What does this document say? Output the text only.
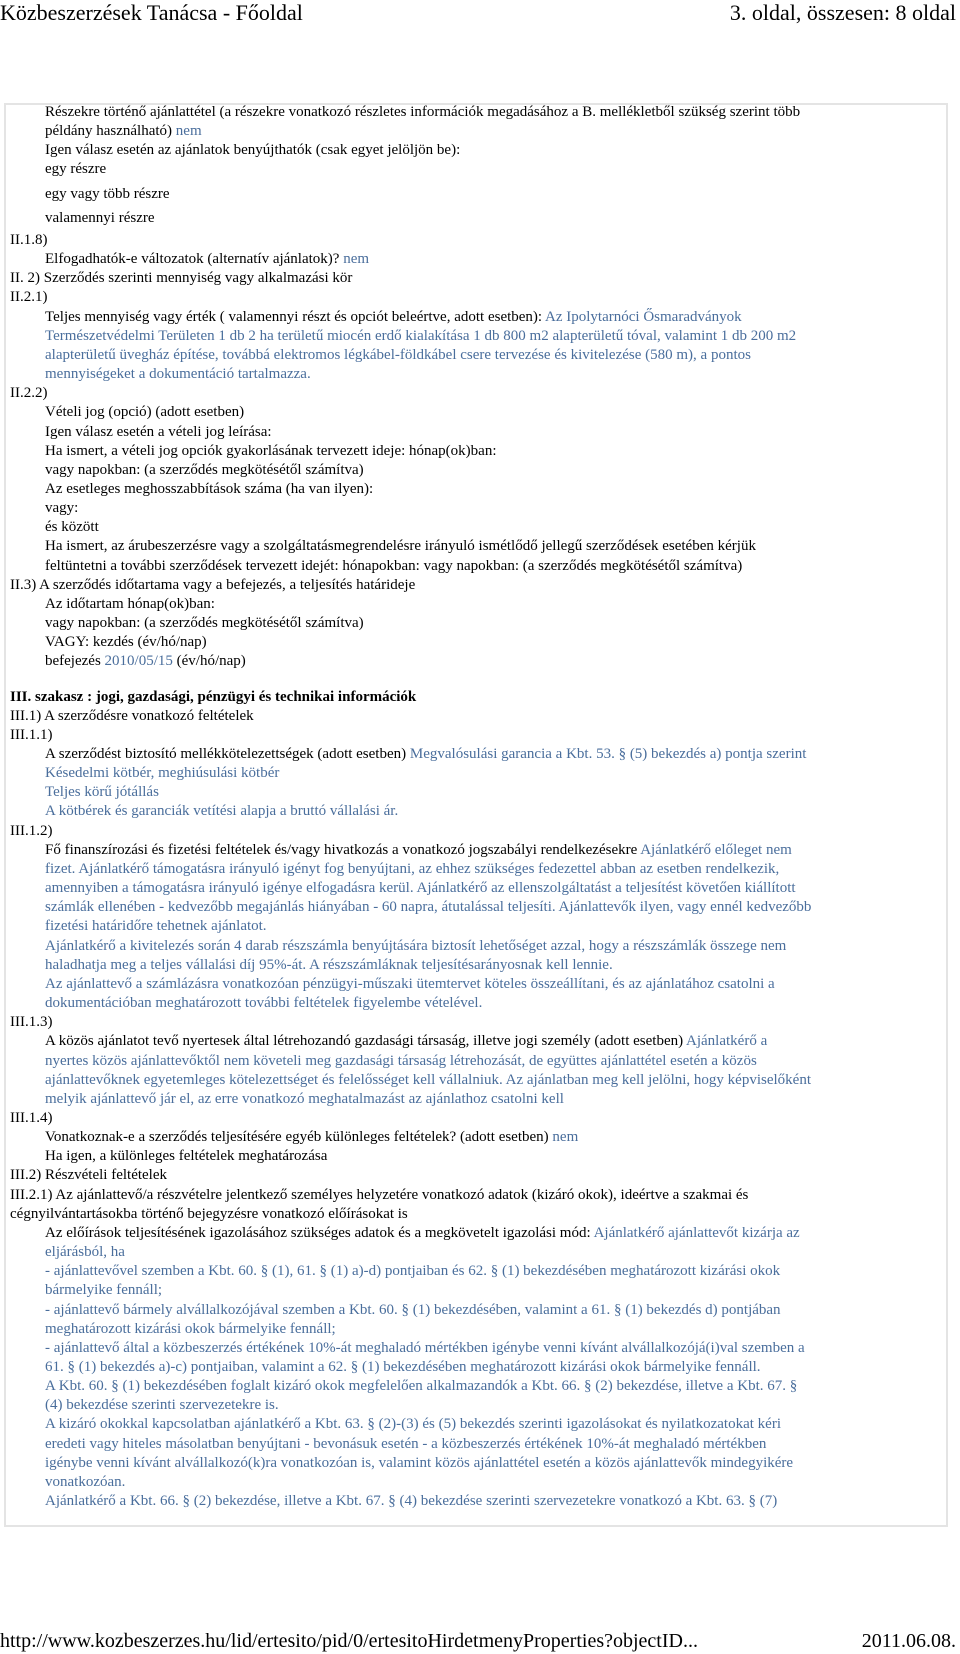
Közbeszerzések Tanácsa - Főoldal	3. oldal, összesen: 8 oldal
Részekre történő ajánlattétel (a részekre vonatkozó részletes információk megadásához a B. mellékletből szükség szerint több
példány használható) nem
Igen válasz esetén az ajánlatok benyújthatók (csak egyet jelöljön be):
egy részre
egy vagy több részre
valamennyi részre
II.1.8)
Elfogadhatók-e változatok (alternatív ajánlatok)? nem
II. 2) Szerződés szerinti mennyiség vagy alkalmazási kör
II.2.1)
Teljes mennyiség vagy érték ( valamennyi részt és opciót beleértve, adott esetben): Az Ipolytarnóci Ősmaradványok
Természetvédelmi Területen 1 db 2 ha területű miocén erdő kialakítása 1 db 800 m2 alapterületű tóval, valamint 1 db 200 m2
alapterületű üvegház építése, továbbá elektromos légkábel-földkábel csere tervezése és kivitelezése (580 m), a pontos
mennyiségeket a dokumentáció tartalmazza.
II.2.2)
Vételi jog (opció) (adott esetben)
Igen válasz esetén a vételi jog leírása:
Ha ismert, a vételi jog opciók gyakorlásának tervezett ideje: hónap(ok)ban:
vagy napokban: (a szerződés megkötésétől számítva)
Az esetleges meghosszabbítások száma (ha van ilyen):
vagy:
és között
Ha ismert, az árubeszerzésre vagy a szolgáltatásmegrendelésre irányuló ismétlődő jellegű szerződések esetében kérjük
feltüntetni a további szerződések tervezett idejét: hónapokban: vagy napokban: (a szerződés megkötésétől számítva)
II.3) A szerződés időtartama vagy a befejezés, a teljesítés határideje
Az időtartam hónap(ok)ban:
vagy napokban: (a szerződés megkötésétől számítva)
VAGY: kezdés (év/hó/nap)
befejezés 2010/05/15 (év/hó/nap)
III. szakasz : jogi, gazdasági, pénzügyi és technikai információk
III.1) A szerződésre vonatkozó feltételek
III.1.1)
A szerződést biztosító mellékkötelezettségek (adott esetben) Megvalósulási garancia a Kbt. 53. § (5) bekezdés a) pontja szerint
Késedelmi kötbér, meghiúsulási kötbér
Teljes körű jótállás
A kötbérek és garanciák vetítési alapja a bruttó vállalási ár.
III.1.2)
Fő finanszírozási és fizetési feltételek és/vagy hivatkozás a vonatkozó jogszabályi rendelkezésekre Ajánlatkérő előleget nem
fizet. Ajánlatkérő támogatásra irányuló igényt fog benyújtani, az ehhez szükséges fedezettel abban az esetben rendelkezik,
amennyiben a támogatásra irányuló igénye elfogadásra kerül. Ajánlatkérő az ellenszolgáltatást a teljesítést követően kiállított
számlák ellenében - kedvezőbb megajánlás hiányában - 60 napra, átutalással teljesíti. Ajánlattevők ilyen, vagy ennél kedvezőbb
fizetési határidőre tehetnek ajánlatot.
Ajánlatkérő a kivitelezés során 4 darab részszámla benyújtására biztosít lehetőséget azzal, hogy a részszámlák összege nem
haladhatja meg a teljes vállalási díj 95%-át. A részszámláknak teljesítésarányosnak kell lennie.
Az ajánlattevő a számlázásra vonatkozóan pénzügyi-műszaki ütemtervet köteles összeállítani, és az ajánlatához csatolni a
dokumentációban meghatározott további feltételek figyelembe vételével.
III.1.3)
A közös ajánlatot tevő nyertesek által létrehozandó gazdasági társaság, illetve jogi személy (adott esetben) Ajánlatkérő a
nyertes közös ajánlattevőktől nem követeli meg gazdasági társaság létrehozását, de együttes ajánlattétel esetén a közös
ajánlattevőknek egyetemleges kötelezettséget és felelősséget kell vállalniuk. Az ajánlatban meg kell jelölni, hogy képviselőként
melyik ajánlattevő jár el, az erre vonatkozó meghatalmazást az ajánlathoz csatolni kell
III.1.4)
Vonatkoznak-e a szerződés teljesítésére egyéb különleges feltételek? (adott esetben) nem
Ha igen, a különleges feltételek meghatározása
III.2) Részvételi feltételek
III.2.1) Az ajánlattevő/a részvételre jelentkező személyes helyzetére vonatkozó adatok (kizáró okok), ideértve a szakmai és
cégnyilvántartásokba történő bejegyzésre vonatkozó előírásokat is
Az előírások teljesítésének igazolásához szükséges adatok és a megkövetelt igazolási mód: Ajánlatkérő ajánlattevőt kizárja az
eljárásból, ha
- ajánlattevővel szemben a Kbt. 60. § (1), 61. § (1) a)-d) pontjaiban és 62. § (1) bekezdésében meghatározott kizárási okok
bármelyike fennáll;
- ajánlattevő bármely alvállalkozójával szemben a Kbt. 60. § (1) bekezdésében, valamint a 61. § (1) bekezdés d) pontjában
meghatározott kizárási okok bármelyike fennáll;
- ajánlattevő által a közbeszerzés értékének 10%-át meghaladó mértékben igénybe venni kívánt alvállalkozójá(i)val szemben a
61. § (1) bekezdés a)-c) pontjaiban, valamint a 62. § (1) bekezdésében meghatározott kizárási okok bármelyike fennáll.
A Kbt. 60. § (1) bekezdésében foglalt kizáró okok megfelelően alkalmazandók a Kbt. 66. § (2) bekezdése, illetve a Kbt. 67. §
(4) bekezdése szerinti szervezetekre is.
A kizáró okokkal kapcsolatban ajánlatkérő a Kbt. 63. § (2)-(3) és (5) bekezdés szerinti igazolásokat és nyilatkozatokat kéri
eredeti vagy hiteles másolatban benyújtani - bevonásuk esetén - a közbeszerzés értékének 10%-át meghaladó mértékben
igénybe venni kívánt alvállalkozó(k)ra vonatkozóan is, valamint közös ajánlattétel esetén a közös ajánlattevők mindegyikére
vonatkozóan.
Ajánlatkérő a Kbt. 66. § (2) bekezdése, illetve a Kbt. 67. § (4) bekezdése szerinti szervezetekre vonatkozó a Kbt. 63. § (7)
http://www.kozbeszerzes.hu/lid/ertesito/pid/0/ertesitoHirdetmenyProperties?objectID...	2011.06.08.
